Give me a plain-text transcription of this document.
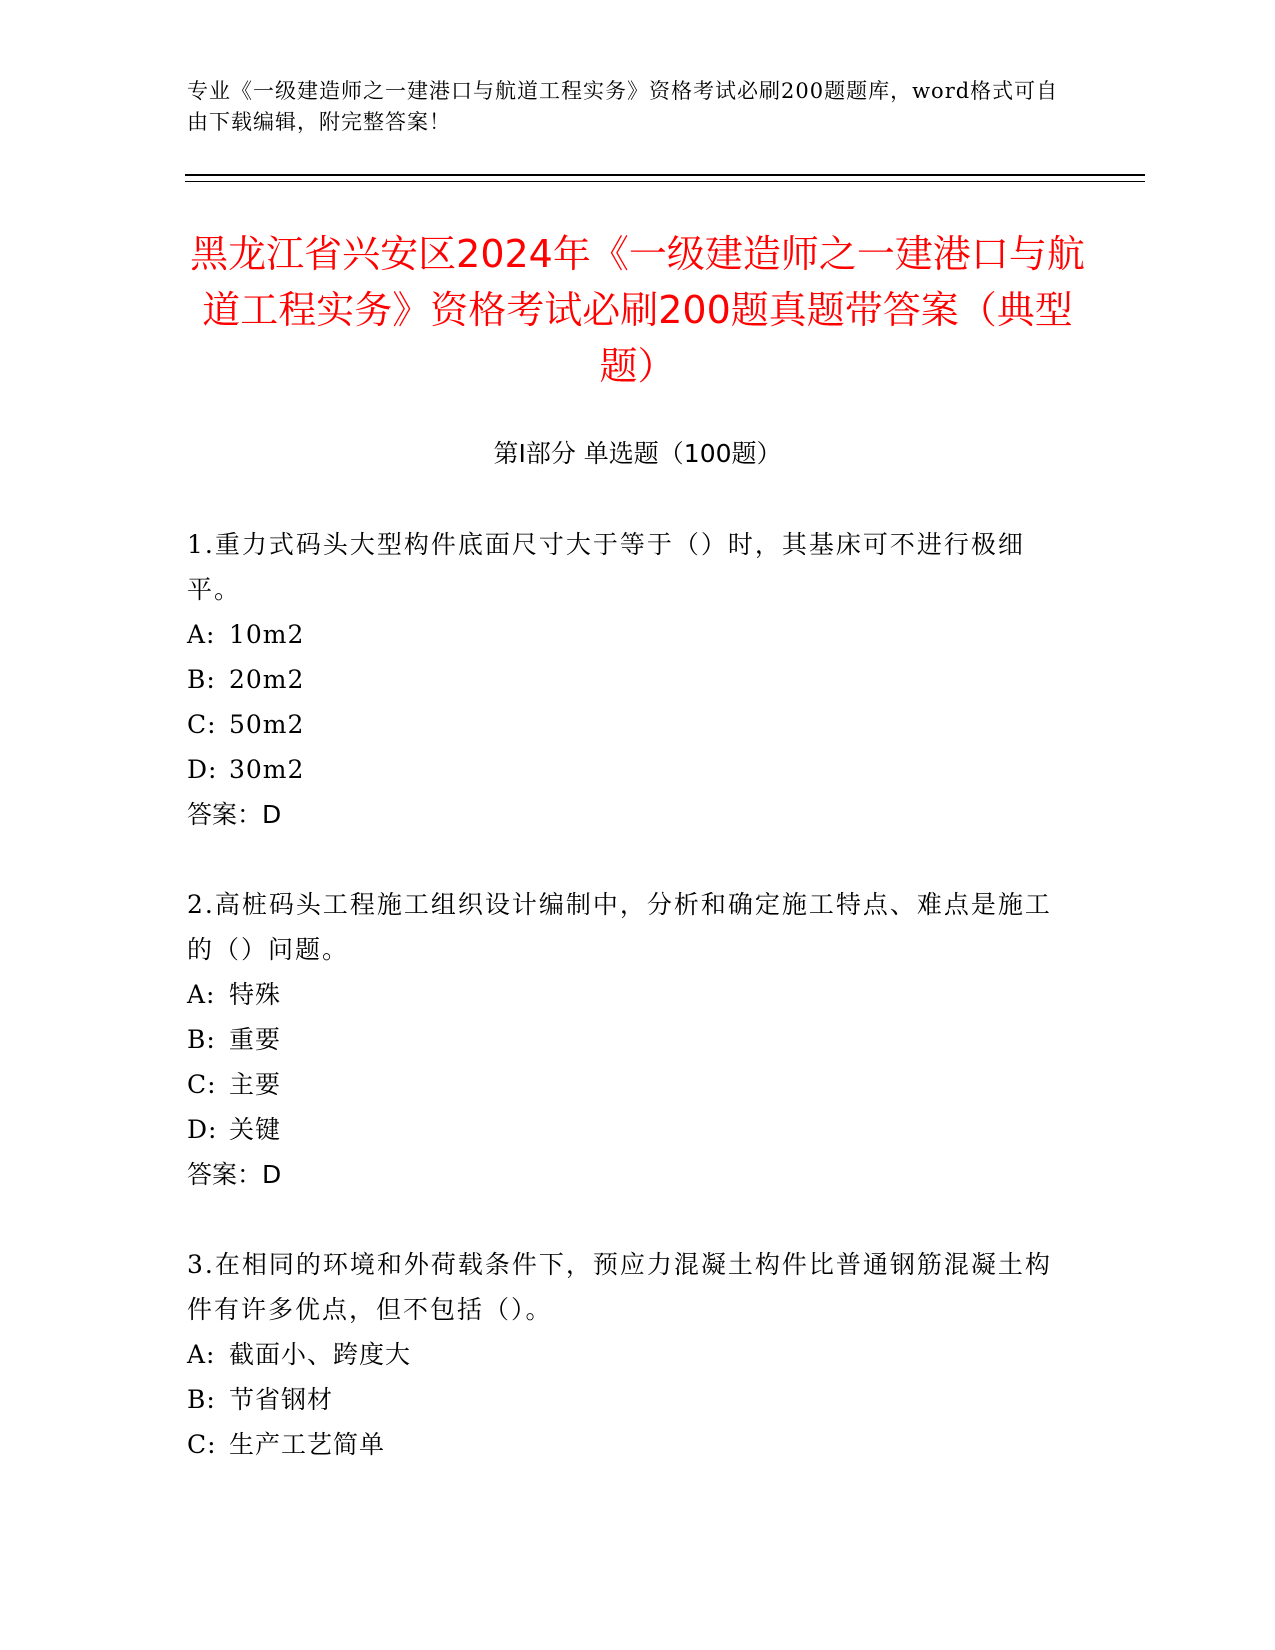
专业《一级建造师之一建港口与航道工程实务》资格考试必刷200题题库，word格式可自由下载编辑，附完整答案！
黑龙江省兴安区2024年《一级建造师之一建港口与航道工程实务》资格考试必刷200题真题带答案（典型题）
第Ⅰ部分 单选题（100题）
1.重力式码头大型构件底面尺寸大于等于（）时，其基床可不进行极细平。
A: 10m2
B: 20m2
C: 50m2
D: 30m2
答案：D
2.高桩码头工程施工组织设计编制中，分析和确定施工特点、难点是施工的（）问题。
A: 特殊
B: 重要
C: 主要
D: 关键
答案：D
3.在相同的环境和外荷载条件下，预应力混凝土构件比普通钢筋混凝土构件有许多优点，但不包括（）。
A: 截面小、跨度大
B: 节省钢材
C: 生产工艺简单
